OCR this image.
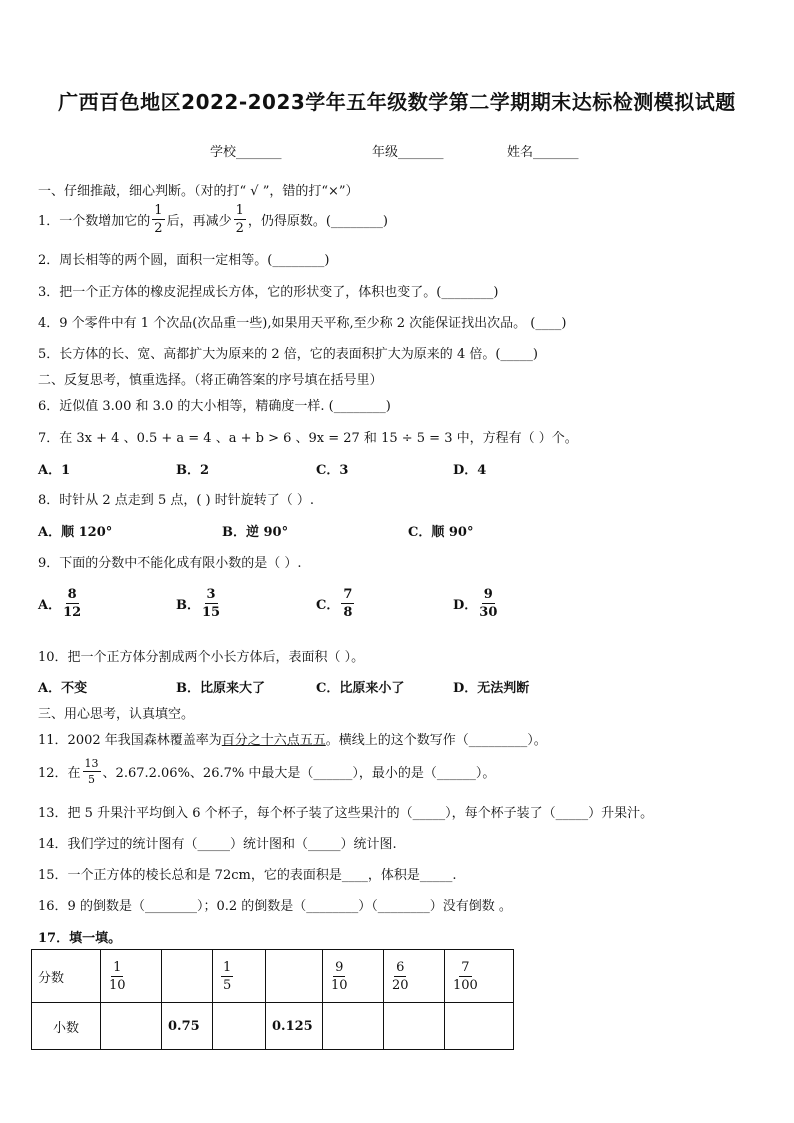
广西百色地区2022-2023学年五年级数学第二学期期末达标检测模拟试题
学校_______	年级_______	姓名_______
一、仔细推敲，细心判断。（对的打“ √ ”，错的打“×”）
1．一个数增加它的 $\frac{1}{2}$ 后，再减少 $\frac{1}{2}$ ，仍得原数。(________)
2．周长相等的两个圆，面积一定相等。(________)
3．把一个正方体的橡皮泥捏成长方体，它的形状变了，体积也变了。(________)
4．9 个零件中有 1 个次品(次品重一些),如果用天平称,至少称 2 次能保证找出次品。 (____)
5．长方体的长、宽、高都扩大为原来的 2 倍，它的表面积扩大为原来的 4 倍。(_____)
二、反复思考，慎重选择。（将正确答案的序号填在括号里）
6．近似值 3.00 和 3.0 的大小相等，精确度一样. (________)
7．在 3x + 4 、0.5 + a = 4 、a + b > 6 、9x = 27 和 15 ÷ 5 = 3 中，方程有（ ）个。
A．1	B．2	C．3	D．4
8．时针从 2 点走到 5 点，( ) 时针旋转了（ ）.
A．顺 120°	B．逆 90°	C．顺 90°
9．下面的分数中不能化成有限小数的是（ ）.
A． $\frac{8}{12}$	B． $\frac{3}{15}$	C． $\frac{7}{8}$	D． $\frac{9}{30}$
10．把一个正方体分割成两个小长方体后，表面积（ ）。
A．不变	B．比原来大了	C．比原来小了	D．无法判断
三、用心思考，认真填空。
11．2002 年我国森林覆盖率为百分之十六点五五。横线上的这个数写作（_________）。
12．在 $\frac{13}{5}$ 、2.67.2.06%、26.7% 中最大是（______），最小的是（______）。
13．把 5 升果汁平均倒入 6 个杯子，每个杯子装了这些果汁的（_____），每个杯子装了（_____）升果汁。
14．我们学过的统计图有（_____）统计图和（_____）统计图.
15．一个正方体的棱长总和是 72cm，它的表面积是____，体积是_____.
16．9 的倒数是（________）；0.2 的倒数是（________）（________）没有倒数 。
17．填一填。
分数	$\frac{1}{10}$		$\frac{1}{5}$		$\frac{9}{10}$	$\frac{6}{20}$	$\frac{7}{100}$

小数		0.75		0.125			
